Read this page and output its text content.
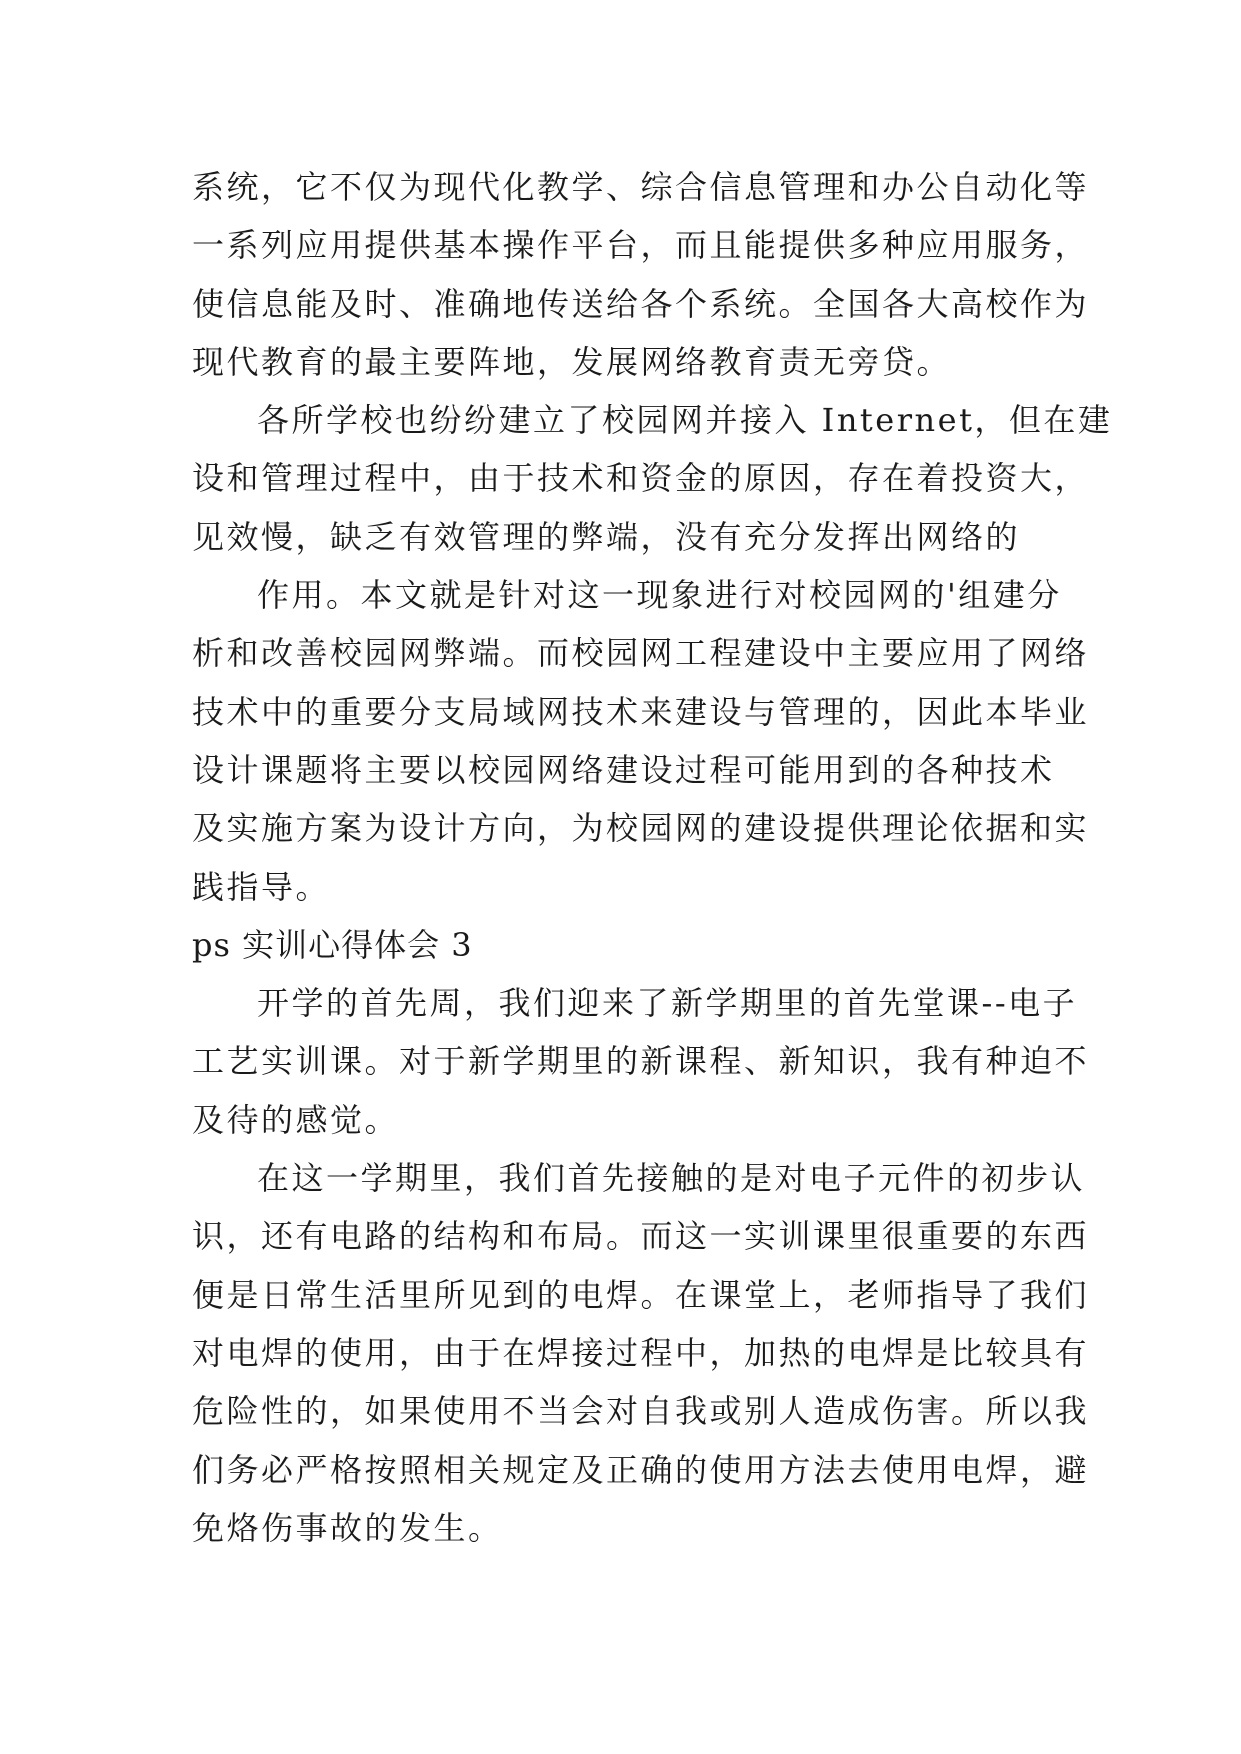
系统，它不仅为现代化教学、综合信息管理和办公自动化等
一系列应用提供基本操作平台，而且能提供多种应用服务，
使信息能及时、准确地传送给各个系统。全国各大高校作为
现代教育的最主要阵地，发展网络教育责无旁贷。
各所学校也纷纷建立了校园网并接入 Internet，但在建
设和管理过程中，由于技术和资金的原因，存在着投资大，
见效慢，缺乏有效管理的弊端，没有充分发挥出网络的
作用。本文就是针对这一现象进行对校园网的'组建分
析和改善校园网弊端。而校园网工程建设中主要应用了网络
技术中的重要分支局域网技术来建设与管理的，因此本毕业
设计课题将主要以校园网络建设过程可能用到的各种技术
及实施方案为设计方向，为校园网的建设提供理论依据和实
践指导。
ps 实训心得体会 3
开学的首先周，我们迎来了新学期里的首先堂课--电子
工艺实训课。对于新学期里的新课程、新知识，我有种迫不
及待的感觉。
在这一学期里，我们首先接触的是对电子元件的初步认
识，还有电路的结构和布局。而这一实训课里很重要的东西
便是日常生活里所见到的电焊。在课堂上，老师指导了我们
对电焊的使用，由于在焊接过程中，加热的电焊是比较具有
危险性的，如果使用不当会对自我或别人造成伤害。所以我
们务必严格按照相关规定及正确的使用方法去使用电焊，避
免烙伤事故的发生。
